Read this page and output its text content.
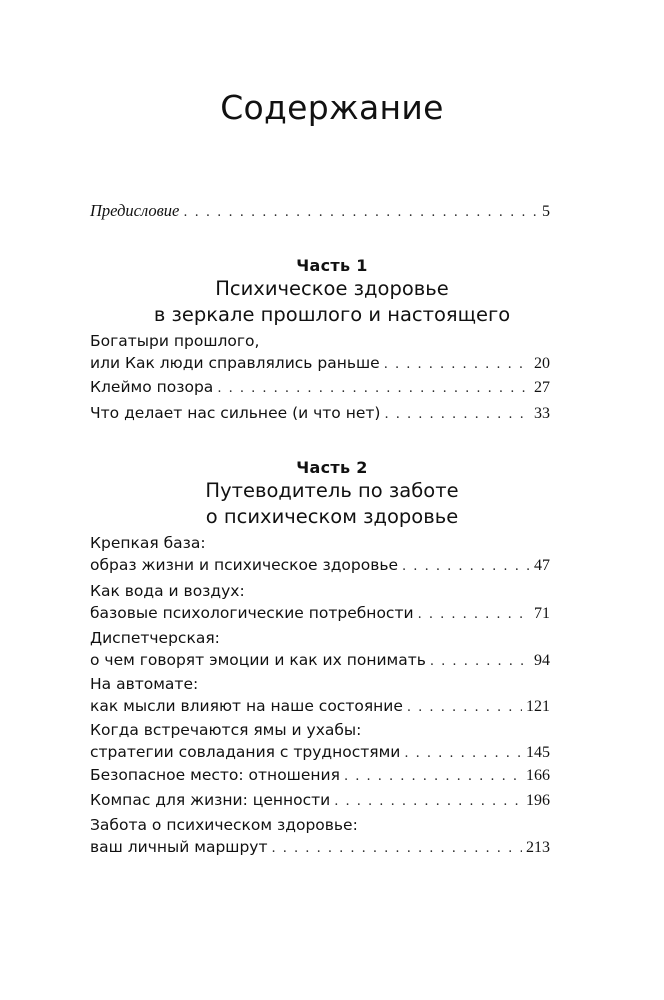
Содержание
Предисловие . . .	5
Часть 1
Психическое здоровье
в зеркале прошлого и настоящего
Богатыри прошлого,
или Как люди справлялись раньше . . .	20
Клеймо позора . . .	27
Что делает нас сильнее (и что нет) . . .	33
Часть 2
Путеводитель по заботе
о психическом здоровье
Крепкая база:
образ жизни и психическое здоровье . . .	47
Как вода и воздух:
базовые психологические потребности . . .	71
Диспетчерская:
о чем говорят эмоции и как их понимать . . .	94
На автомате:
как мысли влияют на наше состояние . . .	121
Когда встречаются ямы и ухабы:
стратегии совладания с трудностями . . .	145
Безопасное место: отношения . . .	166
Компас для жизни: ценности . . .	196
Забота о психическом здоровье:
ваш личный маршрут . . .	213
